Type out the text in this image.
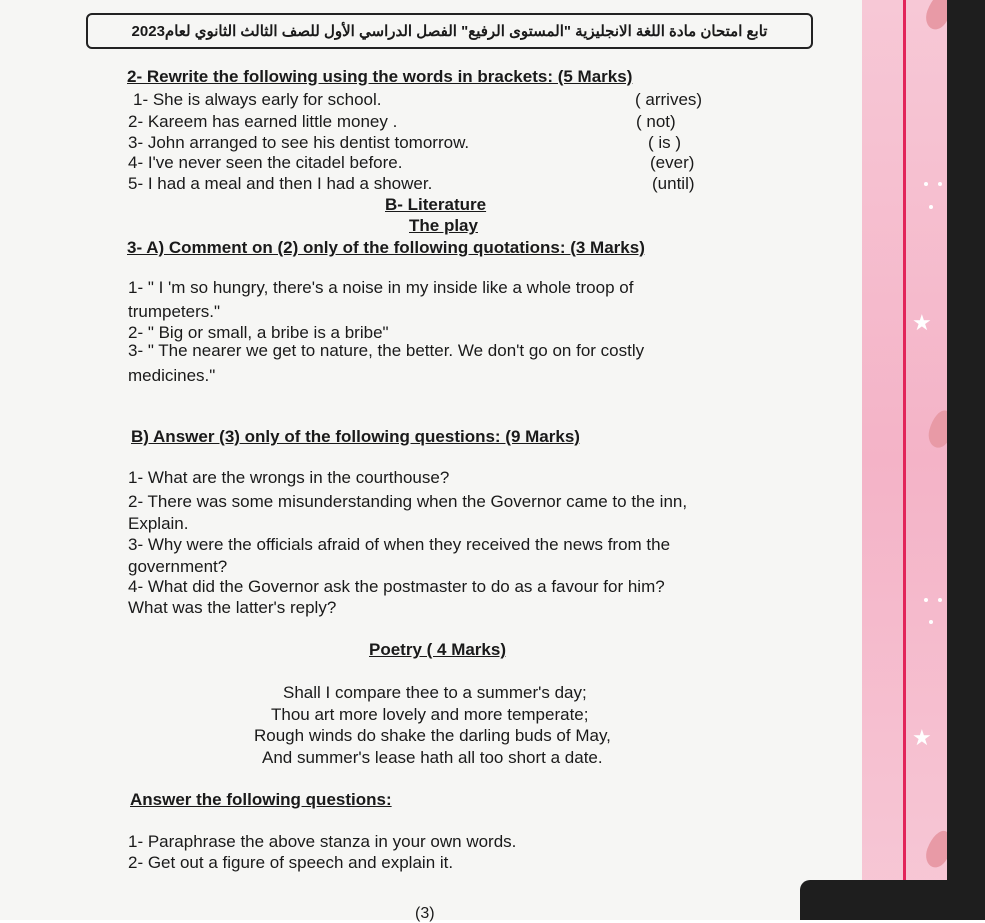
★
★
تابع امتحان مادة اللغة الانجليزية "المستوى الرفيع" الفصل الدراسي الأول للصف الثالث الثانوي لعام2023
2- Rewrite the following using the words in brackets: (5 Marks)
1- She is always early for school.	( arrives)
2- Kareem has earned little money .	( not)
3- John arranged to see his dentist tomorrow.	( is )
4- I've never seen the citadel before.	(ever)
5- I had a meal and then I had a shower.	(until)
B- Literature
The play
3- A) Comment on (2) only of the following quotations: (3 Marks)
1- " I 'm so hungry, there's a noise in my inside like a whole troop of
trumpeters."
2- " Big or small, a bribe is a bribe"
3- " The nearer we get to nature, the better. We don't go on for costly
medicines."
B) Answer (3) only of the following questions: (9 Marks)
1- What are the wrongs in the courthouse?
2- There was some misunderstanding when the Governor came to the inn,
Explain.
3- Why were the officials afraid of when they received the news from the
government?
4- What did the Governor ask the postmaster to do as a favour for him?
What was the latter's reply?
Poetry ( 4 Marks)
Shall I compare thee to a summer's day;
Thou art more lovely and more temperate;
Rough winds do shake the darling buds of May,
And summer's lease hath all too short a date.
Answer the following questions:
1- Paraphrase the above stanza in your own words.
2- Get out a figure of speech and explain it.
(3)
